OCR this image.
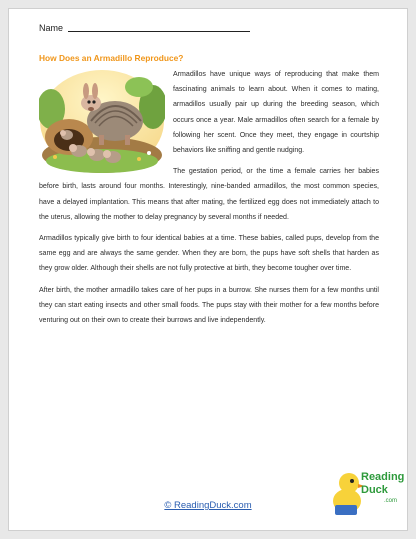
Name
How Does an Armadillo Reproduce?

Armadillos have unique ways of reproducing that make them fascinating animals to learn about. When it comes to mating, armadillos usually pair up during the breeding season, which occurs once a year. Male armadillos often search for a female by following her scent. Once they meet, they engage in courtship behaviors like sniffing and gentle nudging.

The gestation period, or the time a female carries her babies before birth, lasts around four months. Interestingly, nine-banded armadillos, the most common species, have a delayed implantation. This means that after mating, the fertilized egg does not immediately attach to the uterus, allowing the mother to delay pregnancy by several months if needed.

Armadillos typically give birth to four identical babies at a time. These babies, called pups, develop from the same egg and are always the same gender. When they are born, the pups have soft shells that harden as they grow older. Although their shells are not fully protective at birth, they become tougher over time.

After birth, the mother armadillo takes care of her pups in a burrow. She nurses them for a few months until they can start eating insects and other small foods. The pups stay with their mother for a few months before venturing out on their own to create their burrows and live independently.

© ReadingDuck.com
Reading
Duck
.com
